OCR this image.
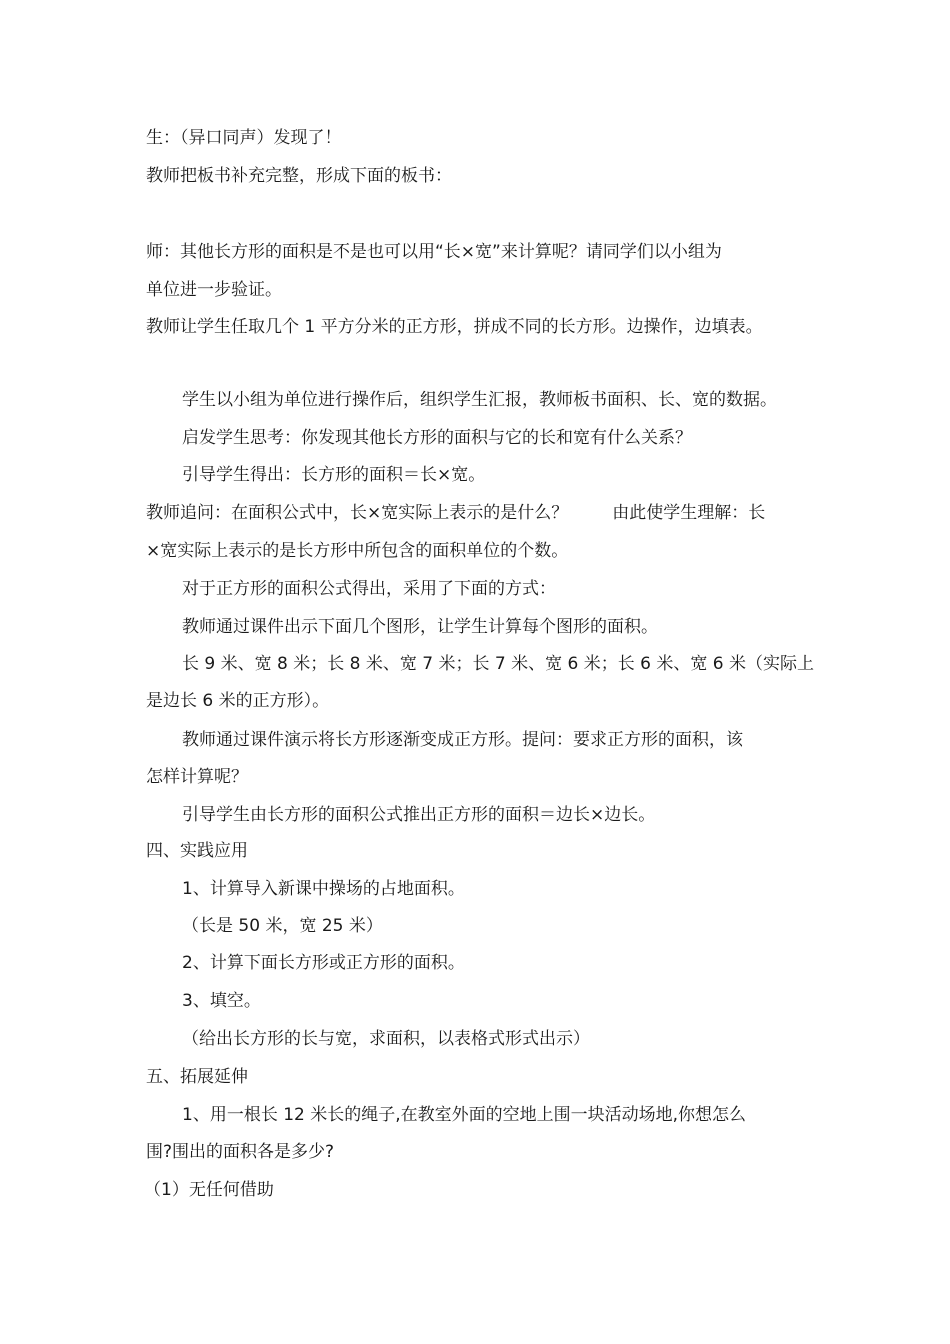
生：（异口同声）发现了！
教师把板书补充完整，形成下面的板书：
师：其他长方形的面积是不是也可以用“长×宽”来计算呢？请同学们以小组为
单位进一步验证。
教师让学生任取几个 1 平方分米的正方形，拼成不同的长方形。边操作，边填表。
学生以小组为单位进行操作后，组织学生汇报，教师板书面积、长、宽的数据。
启发学生思考：你发现其他长方形的面积与它的长和宽有什么关系？
引导学生得出：长方形的面积＝长×宽。
教师追问：在面积公式中，长×宽实际上表示的是什么？	由此使学生理解：长
×宽实际上表示的是长方形中所包含的面积单位的个数。
对于正方形的面积公式得出，采用了下面的方式：
教师通过课件出示下面几个图形，让学生计算每个图形的面积。
长 9 米、宽 8 米；长 8 米、宽 7 米；长 7 米、宽 6 米；长 6 米、宽 6 米（实际上
是边长 6 米的正方形）。
教师通过课件演示将长方形逐渐变成正方形。提问：要求正方形的面积，该
怎样计算呢？
引导学生由长方形的面积公式推出正方形的面积＝边长×边长。
四、实践应用
1、计算导入新课中操场的占地面积。
（长是 50 米，宽 25 米）
2、计算下面长方形或正方形的面积。
3、填空。
（给出长方形的长与宽，求面积，以表格式形式出示）
五、拓展延伸
1、用一根长 12 米长的绳子,在教室外面的空地上围一块活动场地,你想怎么
围?围出的面积各是多少?
（1）无任何借助
